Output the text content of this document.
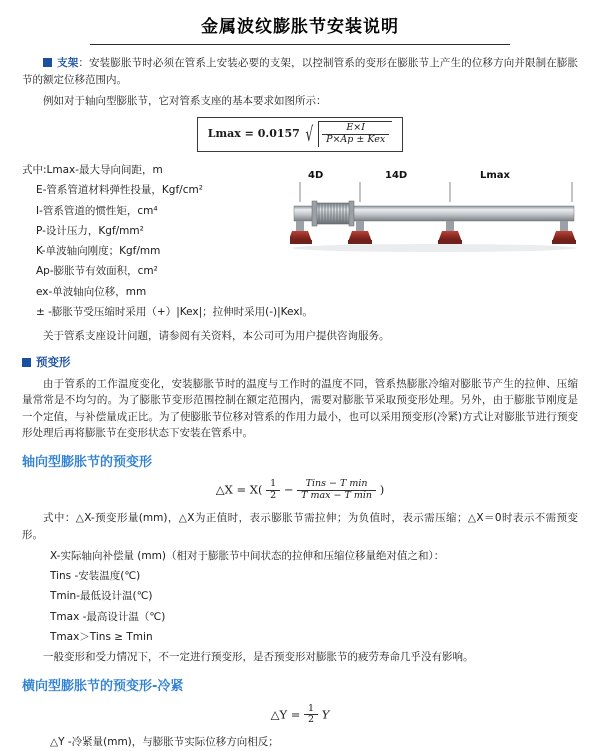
金属波纹膨胀节安装说明

支架：安装膨胀节时必须在管系上安装必要的支架，以控制管系的变形在膨胀节上产生的位移方向并限制在膨胀节的额定位移范围内。

例如对于轴向型膨胀节，它对管系支座的基本要求如图所示：

Lmax = 0.0157 √ $\frac{E\times I}{\text{P×Ap ± Kex}}$
式中:Lmax-最大导向间距，m
E-管系管道材料弹性投量，Kgf/cm²
I-管系管道的惯性矩，cm⁴
P-设计压力，Kgf/mm²
K-单波轴向刚度；Kgf/mm
Ap-膨胀节有效面积，cm²
ex-单波轴向位移，mm
± -膨胀节受压缩时采用（+）|Kex|；拉伸时采用(-)|Kexl。
4D	14D	Lmax

关于管系支座设计问题，请参阅有关资料，本公司可为用户提供咨询服务。

预变形

由于管系的工作温度变化，安装膨胀节时的温度与工作时的温度不同，管系热膨胀冷缩对膨胀节产生的拉伸、压缩量常常是不均匀的。为了膨胀节变形范围控制在额定范围内，需要对膨胀节采取预变形处理。另外，由于膨胀节刚度是一个定值，与补偿量成正比。为了使膨胀节位移对管系的作用力最小，也可以采用预变形(冷紧)方式让对膨胀节进行预变形处理后再将膨胀节在变形状态下安装在管系中。

轴向型膨胀节的预变形
△X = $X( \frac{1}{2} - \frac{\text{Tins − T min}}{\text{T max − T min}}$ )

式中：△X-预变形量(mm)，△X为正值时，表示膨胀节需拉伸；为负值时，表示需压缩；△X＝0时表示不需预变形。

X-实际轴向补偿量 (mm)（相对于膨胀节中间状态的拉伸和压缩位移量绝对值之和）：

Tins -安装温度(℃)

Tmin-最低设计温(℃)

Tmax -最高设计温（℃)

Tmax＞Tins ≥ Tmin

一般变形和受力情况下，不一定进行预变形，是否预变形对膨胀节的疲劳寿命几乎没有影响。

横向型膨胀节的预变形-冷紧
△Y = $\frac{1}{2}$ Y

△Y -冷紧量(mm)，与膨胀节实际位移方向相反；
